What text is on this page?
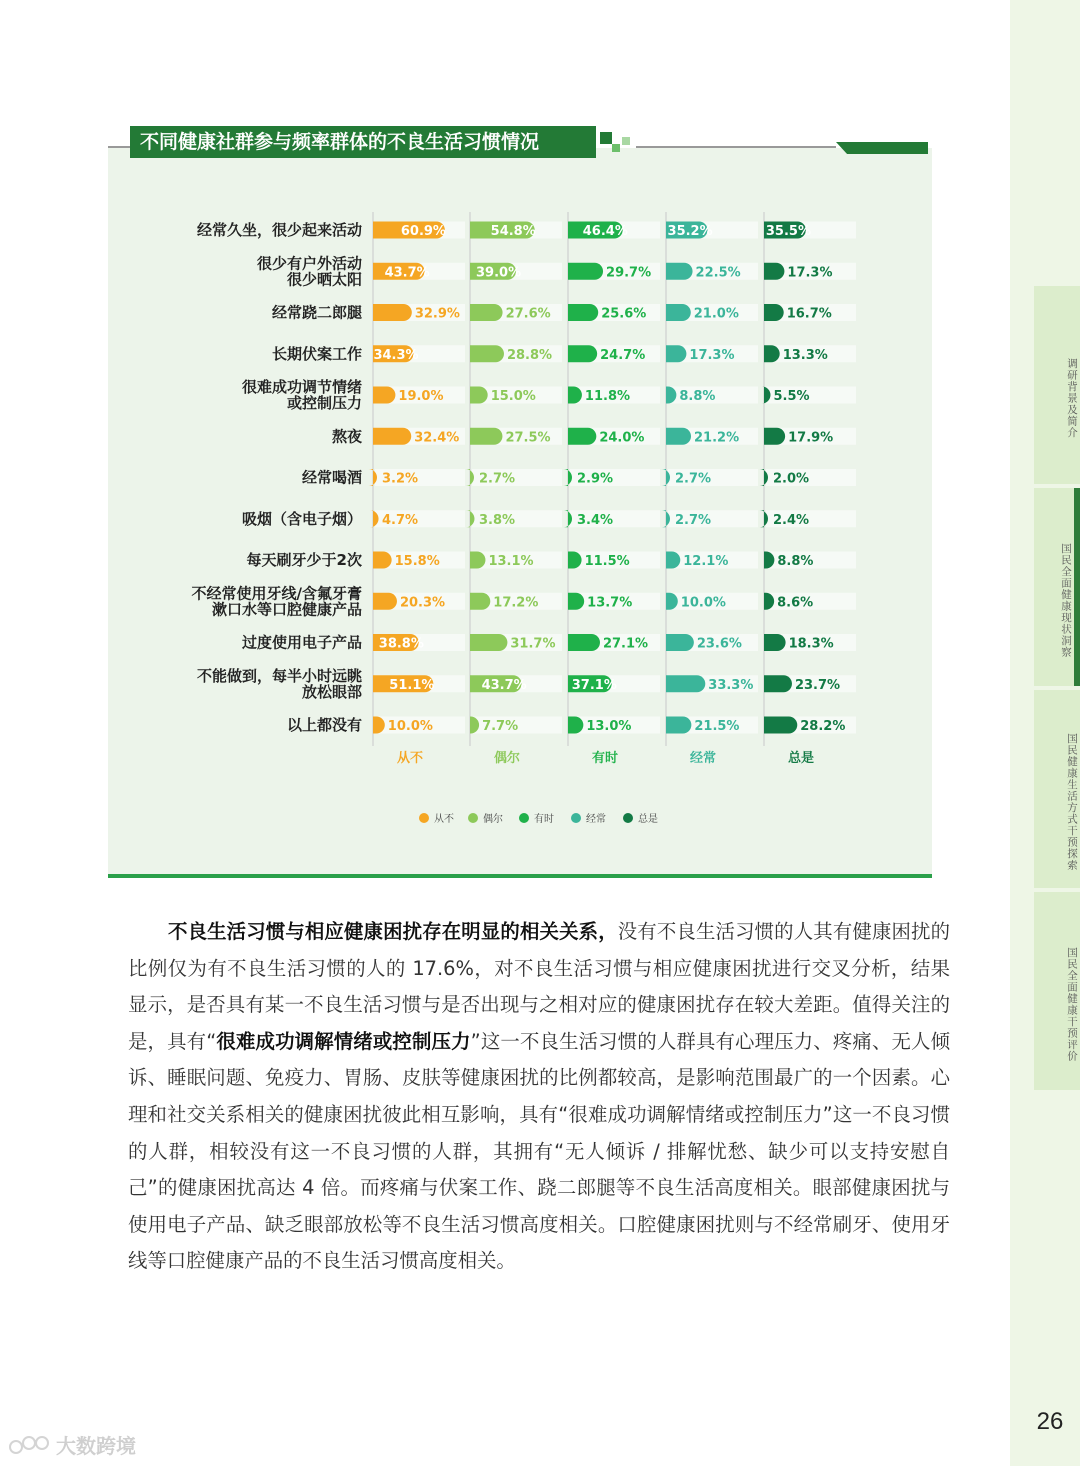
调研背景及简介
国民全面健康现状洞察
国民健康生活方式干预探索
国民全面健康干预评价
26
不同健康社群参与频率群体的不良生活习惯情况
经常久坐，很少起来活动	60.9%	54.8%	46.4%	35.2%	35.5%
很少有户外活动很少晒太阳 43.7%	39.0%	29.7%	22.5%	17.3%
经常跷二郎腿	32.9%	27.6%	25.6%	21.0%	16.7%
长期伏案工作 34.3%	28.8%	24.7%	17.3%	13.3%
很难成功调节情绪或控制压力	19.0%	15.0%	11.8%	8.8%	5.5%
熬夜	32.4%	27.5%	24.0%	21.2%	17.9%
经常喝酒 3.2%	2.7%	2.9%	2.7%	2.0%
吸烟（含电子烟） 4.7%	3.8%	3.4%	2.7%	2.4%
每天刷牙少于2次	15.8%	13.1%	11.5%	12.1%	8.8%
不经常使用牙线/含氟牙膏漱口水等口腔健康产品	20.3%	17.2%	13.7%	10.0%	8.6%
过度使用电子产品 38.8%	31.7%	27.1%	23.6%	18.3%
不能做到，每半小时远眺放松眼部 51.1%	43.7%	37.1%	33.3%	23.7%
以上都没有 10.0%	7.7%	13.0%	21.5%	28.2%
从不	偶尔	有时	经常	总是
从不	偶尔	有时	经常	总是
不良生活习惯与相应健康困扰存在明显的相关关系，没有不良生活习惯的人其有健康困扰的比例仅为有不良生活习惯的人的 17.6%，对不良生活习惯与相应健康困扰进行交叉分析，结果显示，是否具有某一不良生活习惯与是否出现与之相对应的健康困扰存在较大差距。值得关注的是，具有“很难成功调解情绪或控制压力”这一不良生活习惯的人群具有心理压力、疼痛、无人倾诉、睡眠问题、免疫力、胃肠、皮肤等健康困扰的比例都较高，是影响范围最广的一个因素。心理和社交关系相关的健康困扰彼此相互影响，具有“很难成功调解情绪或控制压力”这一不良习惯的人群，相较没有这一不良习惯的人群，其拥有“无人倾诉 / 排解忧愁、缺少可以支持安慰自己”的健康困扰高达 4 倍。而疼痛与伏案工作、跷二郎腿等不良生活高度相关。眼部健康困扰与使用电子产品、缺乏眼部放松等不良生活习惯高度相关。口腔健康困扰则与不经常刷牙、使用牙线等口腔健康产品的不良生活习惯高度相关。
大数跨境
